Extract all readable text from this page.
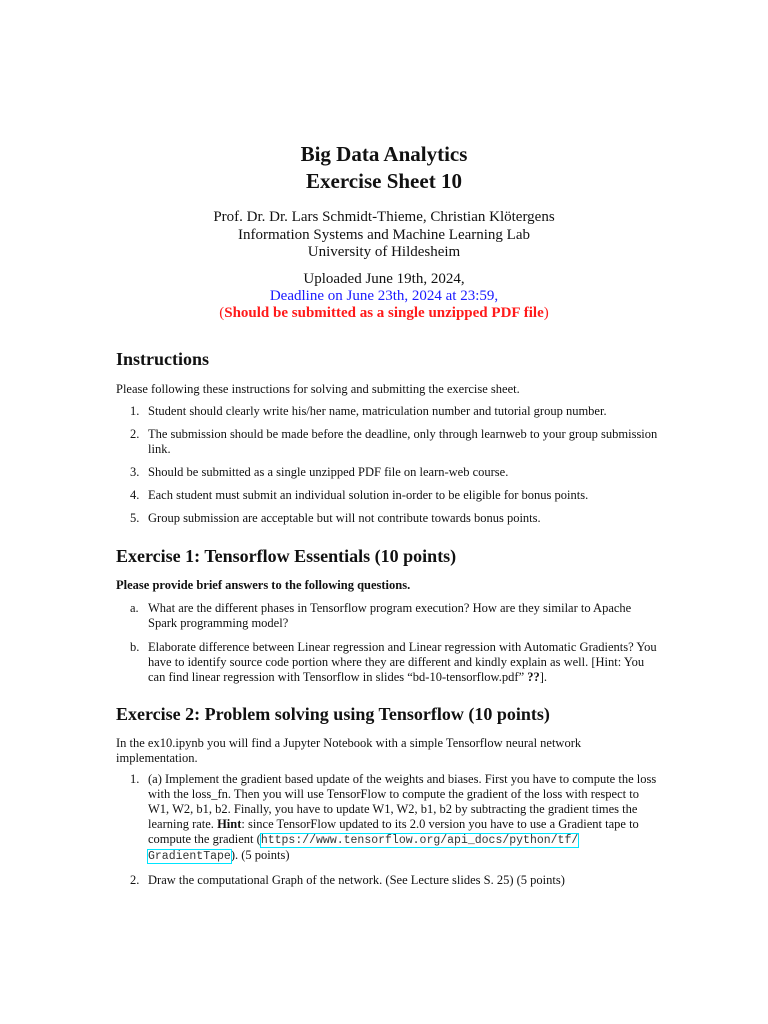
Big Data Analytics
Exercise Sheet 10
Prof. Dr. Dr. Lars Schmidt-Thieme, Christian Klötergens
Information Systems and Machine Learning Lab
University of Hildesheim
Uploaded June 19th, 2024,
Deadline on June 23th, 2024 at 23:59,
(Should be submitted as a single unzipped PDF file)
Instructions

Please following these instructions for solving and submitting the exercise sheet.

1. Student should clearly write his/her name, matriculation number and tutorial group number.
2. The submission should be made before the deadline, only through learnweb to your group submission link.
3. Should be submitted as a single unzipped PDF file on learn-web course.
4. Each student must submit an individual solution in-order to be eligible for bonus points.
5. Group submission are acceptable but will not contribute towards bonus points.
Exercise 1: Tensorflow Essentials (10 points)

Please provide brief answers to the following questions.

a. What are the different phases in Tensorflow program execution? How are they similar to Apache Spark programming model?
b. Elaborate difference between Linear regression and Linear regression with Automatic Gradients? You have to identify source code portion where they are different and kindly explain as well. [Hint: You can find linear regression with Tensorflow in slides “bd-10-tensorflow.pdf” ??].
Exercise 2: Problem solving using Tensorflow (10 points)

In the ex10.ipynb you will find a Jupyter Notebook with a simple Tensorflow neural network implementation.

1. (a) Implement the gradient based update of the weights and biases. First you have to compute the loss with the loss_fn. Then you will use TensorFlow to compute the gradient of the loss with respect to W1, W2, b1, b2. Finally, you have to update W1, W2, b1, b2 by subtracting the gradient times the learning rate. Hint: since TensorFlow updated to its 2.0 version you have to use a Gradient tape to compute the gradient (https://www.tensorflow.org/api_docs/python/tf/ GradientTape). (5 points)
2. Draw the computational Graph of the network. (See Lecture slides S. 25) (5 points)
